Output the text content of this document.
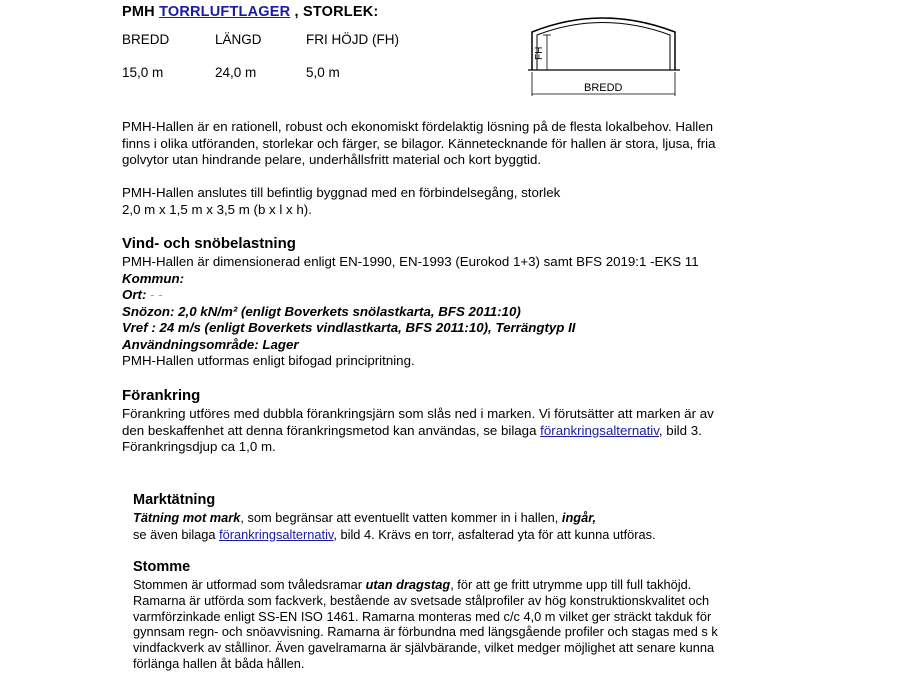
PMH TORRLUFTLAGER , STORLEK:
BREDD	LÄNGD	FRI HÖJD (FH)
15,0 m	24,0 m	5,0 m
FH
BREDD
PMH-Hallen är en rationell, robust och ekonomiskt fördelaktig lösning på de flesta lokalbehov. Hallen
finns i olika utföranden, storlekar och färger, se bilagor. Kännetecknande för hallen är stora, ljusa, fria
golvytor utan hindrande pelare, underhållsfritt material och kort byggtid.
PMH-Hallen anslutes till befintlig byggnad med en förbindelsegång, storlek
2,0 m x 1,5 m x 3,5 m (b x l x h).
Vind- och snöbelastning
PMH-Hallen är dimensionerad enligt EN-1990, EN-1993 (Eurokod 1+3) samt BFS 2019:1 -EKS 11
Kommun:
Ort: - -
Snözon: 2,0 kN/m² (enligt Boverkets snölastkarta, BFS 2011:10)
Vref : 24 m/s (enligt Boverkets vindlastkarta, BFS 2011:10), Terrängtyp II
Användningsområde: Lager
PMH-Hallen utformas enligt bifogad principritning.
Förankring
Förankring utföres med dubbla förankringsjärn som slås ned i marken. Vi förutsätter att marken är av
den beskaffenhet att denna förankringsmetod kan användas, se bilaga förankringsalternativ, bild 3.
Förankringsdjup ca 1,0 m.
Marktätning
Tätning mot mark, som begränsar att eventuellt vatten kommer in i hallen, ingår,
se även bilaga förankringsalternativ, bild 4. Krävs en torr, asfalterad yta för att kunna utföras.
Stomme
Stommen är utformad som tvåledsramar utan dragstag, för att ge fritt utrymme upp till full takhöjd.
Ramarna är utförda som fackverk, bestående av svetsade stålprofiler av hög konstruktionskvalitet och
varmförzinkade enligt SS-EN ISO 1461. Ramarna monteras med c/c 4,0 m vilket ger sträckt takduk för
gynnsam regn- och snöavvisning. Ramarna är förbundna med längsgående profiler och stagas med s k
vindfackverk av stållinor. Även gavelramarna är självbärande, vilket medger möjlighet att senare kunna
förlänga hallen åt båda hållen.
